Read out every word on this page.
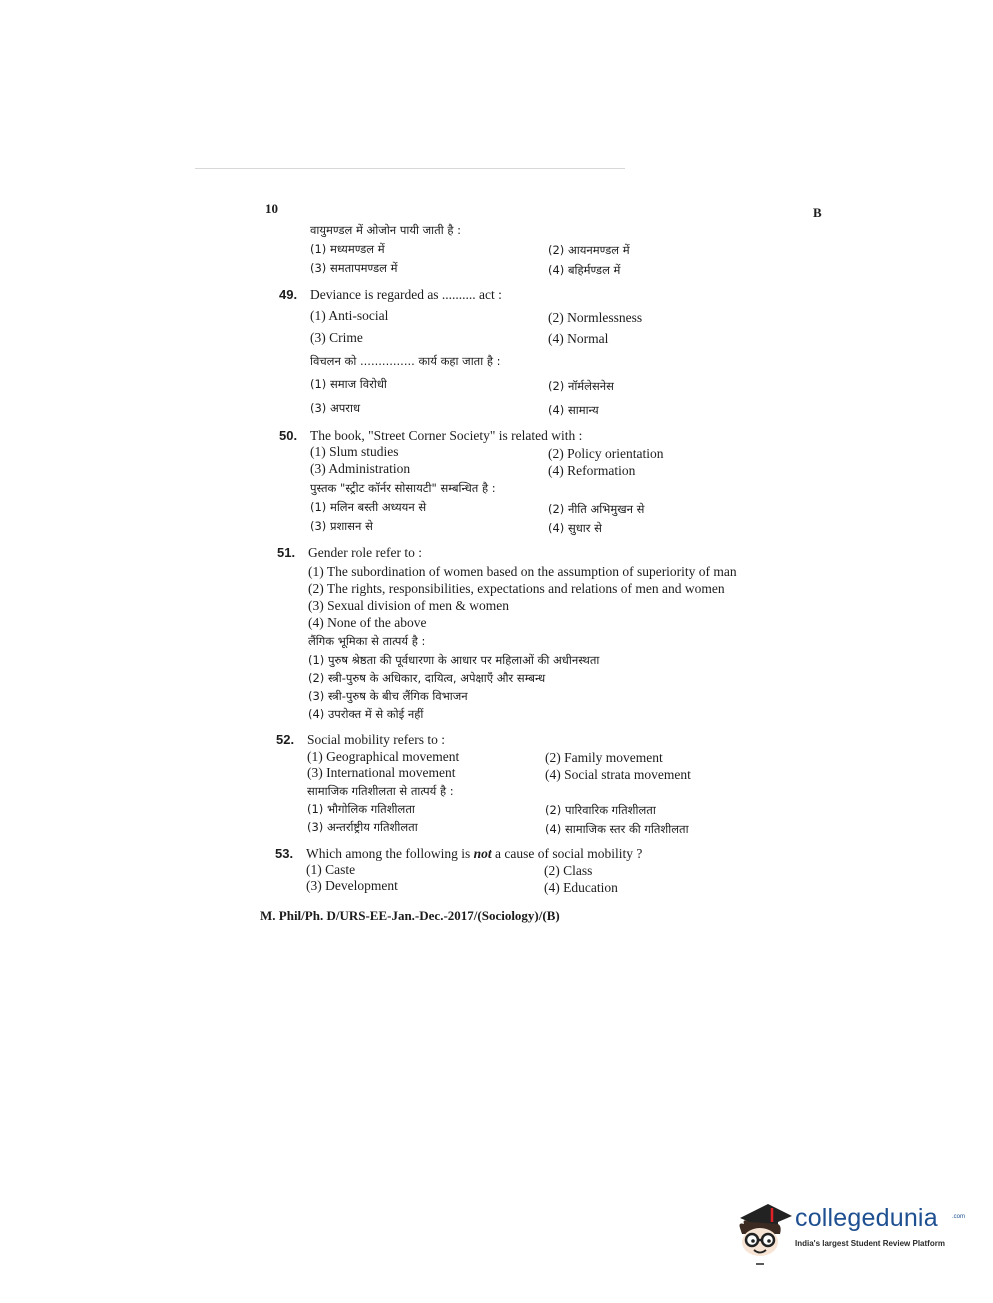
10	B
वायुमण्डल में ओजोन पायी जाती है :
(1) मध्यमण्डल में	(2) आयनमण्डल में
(3) समतापमण्डल में	(4) बहिर्मण्डल में
49. Deviance is regarded as .......... act :
(1) Anti-social	(2) Normlessness
(3) Crime	(4) Normal
विचलन को ............... कार्य कहा जाता है :
(1) समाज विरोधी	(2) नॉर्मलेसनेस
(3) अपराध	(4) सामान्य
50. The book, "Street Corner Society" is related with :
(1) Slum studies	(2) Policy orientation
(3) Administration	(4) Reformation
पुस्तक "स्ट्रीट कॉर्नर सोसायटी" सम्बन्धित है :
(1) मलिन बस्ती अध्ययन से	(2) नीति अभिमुखन से
(3) प्रशासन से	(4) सुधार से
51. Gender role refer to :
(1) The subordination of women based on the assumption of superiority of man
(2) The rights, responsibilities, expectations and relations of men and women
(3) Sexual division of men & women
(4) None of the above
लैंगिक भूमिका से तात्पर्य है :
(1) पुरुष श्रेष्ठता की पूर्वधारणा के आधार पर महिलाओं की अधीनस्थता
(2) स्त्री-पुरुष के अधिकार, दायित्व, अपेक्षाएँ और सम्बन्ध
(3) स्त्री-पुरुष के बीच लैंगिक विभाजन
(4) उपरोक्त में से कोई नहीं
52. Social mobility refers to :
(1) Geographical movement	(2) Family movement
(3) International movement	(4) Social strata movement
सामाजिक गतिशीलता से तात्पर्य है :
(1) भौगोलिक गतिशीलता	(2) पारिवारिक गतिशीलता
(3) अन्तर्राष्ट्रीय गतिशीलता	(4) सामाजिक स्तर की गतिशीलता
53. Which among the following is not a cause of social mobility ?
(1) Caste	(2) Class
(3) Development	(4) Education
M. Phil/Ph. D/URS-EE-Jan.-Dec.-2017/(Sociology)/(B)
collegedunia .com
India's largest Student Review Platform
